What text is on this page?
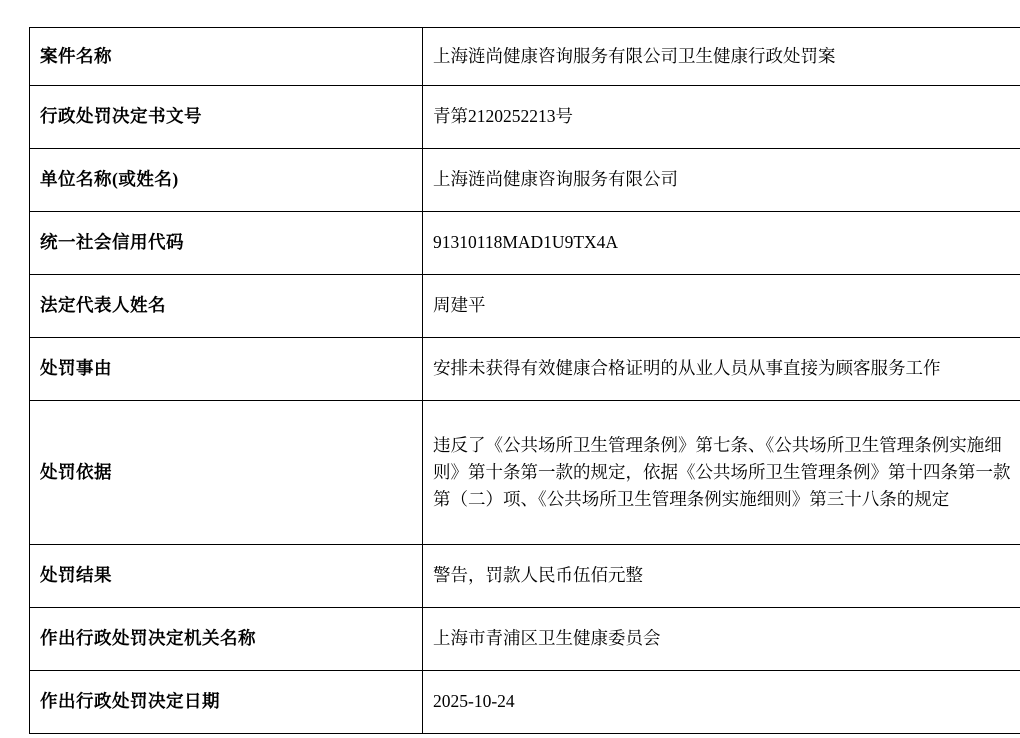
案件名称	上海涟尚健康咨询服务有限公司卫生健康行政处罚案
行政处罚决定书文号	青第2120252213号
单位名称(或姓名)	上海涟尚健康咨询服务有限公司
统一社会信用代码	91310118MAD1U9TX4A
法定代表人姓名	周建平
处罚事由	安排未获得有效健康合格证明的从业人员从事直接为顾客服务工作
处罚依据	违反了《公共场所卫生管理条例》第七条、《公共场所卫生管理条例实施细则》第十条第一款的规定，依据《公共场所卫生管理条例》第十四条第一款第（二）项、《公共场所卫生管理条例实施细则》第三十八条的规定
处罚结果	警告，罚款人民币伍佰元整
作出行政处罚决定机关名称	上海市青浦区卫生健康委员会
作出行政处罚决定日期	2025-10-24
